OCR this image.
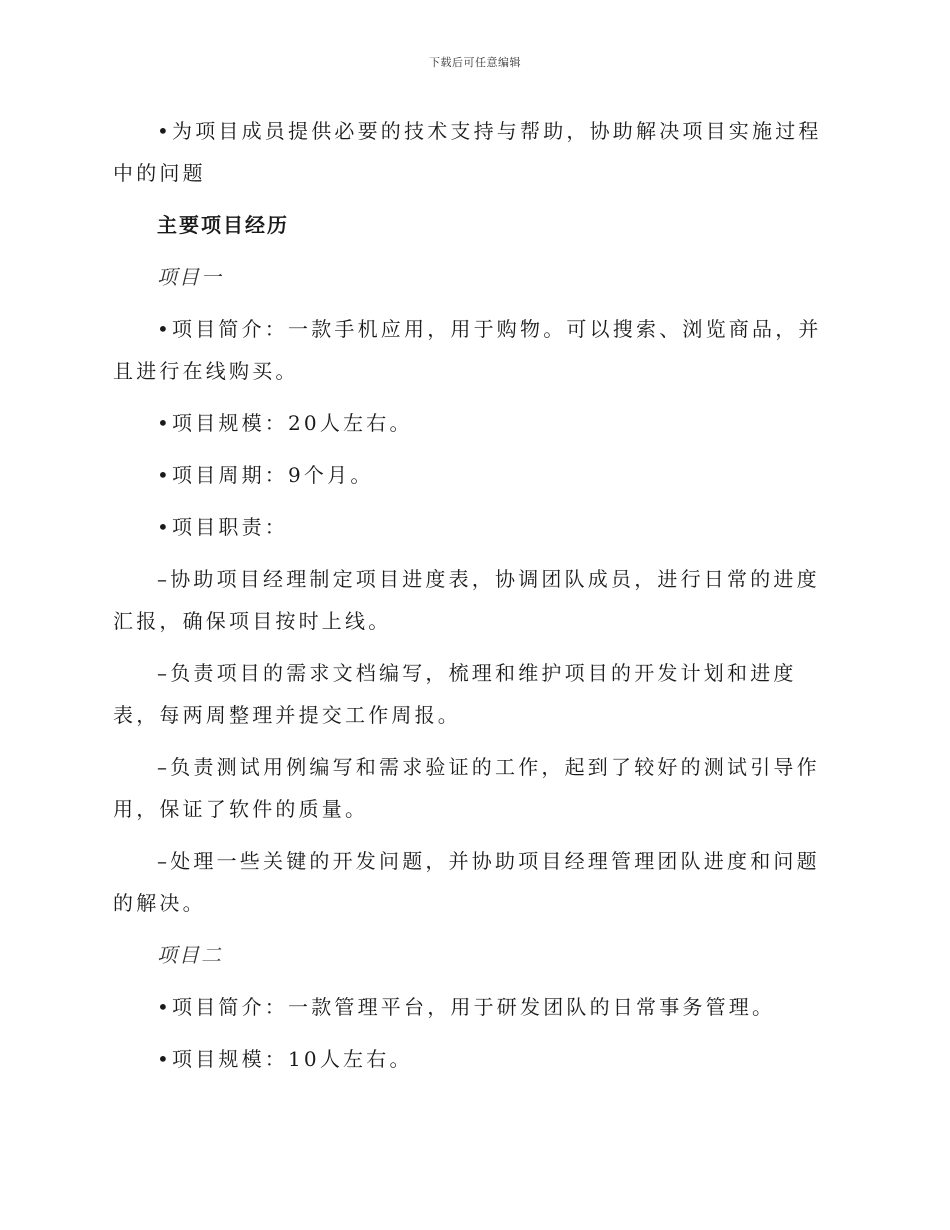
下载后可任意编辑

•为项目成员提供必要的技术支持与帮助，协助解决项目实施过程中的问题

主要项目经历
项目一

•项目简介：一款手机应用，用于购物。可以搜索、浏览商品，并且进行在线购买。

•项目规模：20人左右。

•项目周期：9个月。

•项目职责：

–协助项目经理制定项目进度表，协调团队成员，进行日常的进度汇报，确保项目按时上线。

–负责项目的需求文档编写，梳理和维护项目的开发计划和进度表，每两周整理并提交工作周报。

–负责测试用例编写和需求验证的工作，起到了较好的测试引导作用，保证了软件的质量。

–处理一些关键的开发问题，并协助项目经理管理团队进度和问题的解决。

项目二

•项目简介：一款管理平台，用于研发团队的日常事务管理。

•项目规模：10人左右。
